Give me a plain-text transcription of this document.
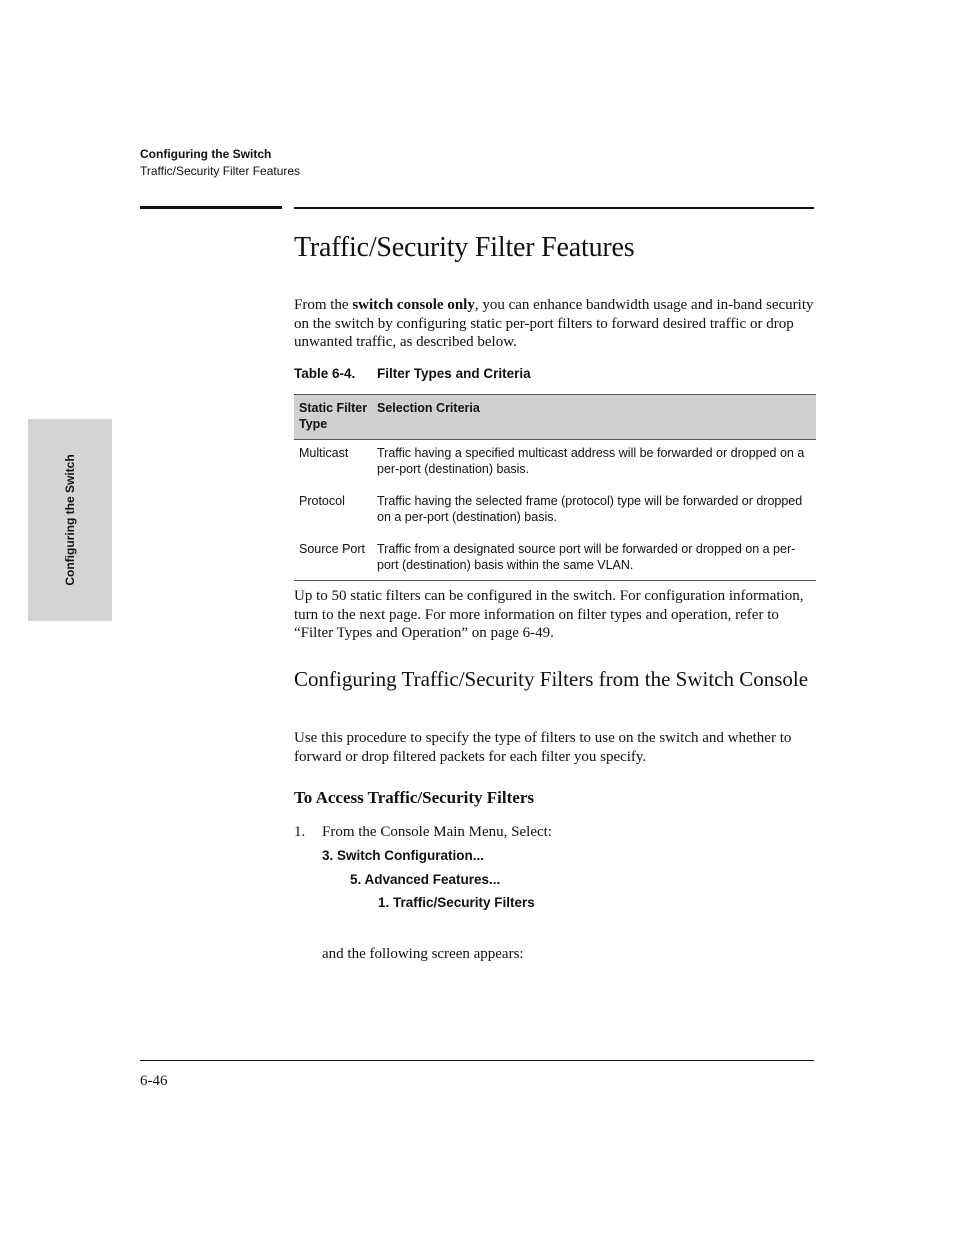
Configuring the Switch
Traffic/Security Filter Features
Configuring the Switch
Traffic/Security Filter Features

From the switch console only, you can enhance bandwidth usage and in-band security on the switch by configuring static per-port filters to forward desired traffic or drop unwanted traffic, as described below.

Table 6-4. Filter Types and Criteria
Static Filter Type	Selection Criteria
Multicast	Traffic having a specified multicast address will be forwarded or dropped on a per-port (destination) basis.
Protocol	Traffic having the selected frame (protocol) type will be forwarded or dropped on a per-port (destination) basis.
Source Port	Traffic from a designated source port will be forwarded or dropped on a per-port (destination) basis within the same VLAN.

Up to 50 static filters can be configured in the switch. For configuration information, turn to the next page. For more information on filter types and operation, refer to “Filter Types and Operation” on page 6-49.

Configuring Traffic/Security Filters from the Switch Console

Use this procedure to specify the type of filters to use on the switch and whether to forward or drop filtered packets for each filter you specify.

To Access Traffic/Security Filters
1. From the Console Main Menu, Select:
3. Switch Configuration...
5. Advanced Features...
1. Traffic/Security Filters
and the following screen appears:
6-46
